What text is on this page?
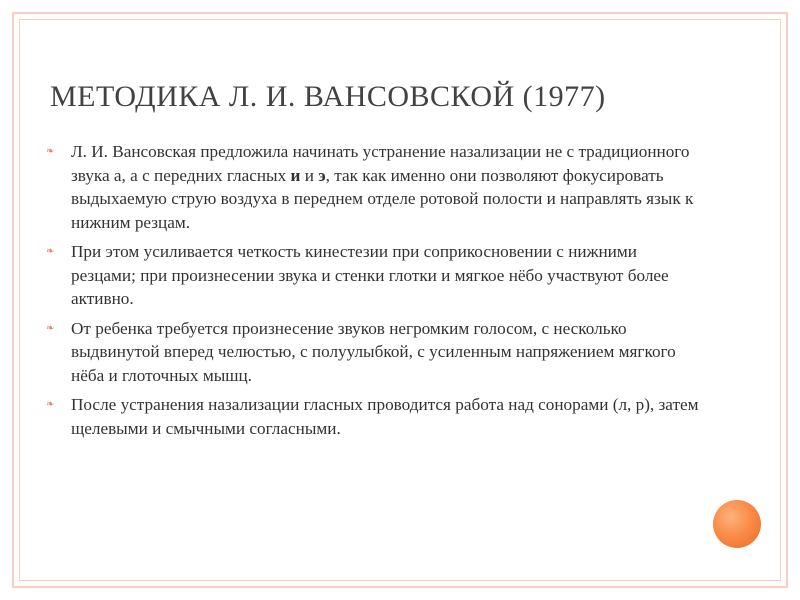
МЕТОДИКА Л. И. ВАНСОВСКОЙ (1977)
❧ Л. И. Вансовская предложила начинать устранение назализации не с традиционного звука а, а с передних гласных и и э, так как именно они позволяют фокусировать выдыхаемую струю воздуха в переднем отделе ротовой полости и направлять язык к нижним резцам.
❧ При этом усиливается четкость кинестезии при соприкосновении с нижними резцами; при произнесении звука и стенки глотки и мягкое нёбо участвуют более активно.
❧ От ребенка требуется произнесение звуков негромким голосом, с несколько выдвинутой вперед челюстью, с полуулыбкой, с усиленным напряжением мягкого нёба и глоточных мышц.
❧ После устранения назализации гласных проводится работа над сонорами (л, р), затем щелевыми и смычными согласными.
